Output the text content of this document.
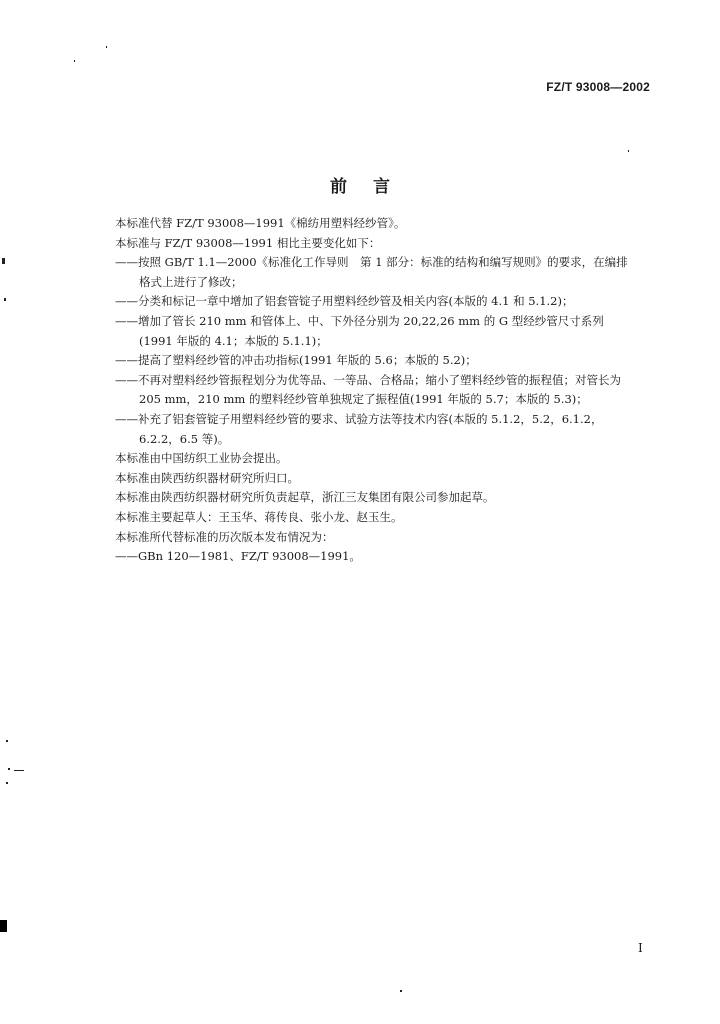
FZ/T 93008—2002
前言
本标准代替 FZ/T 93008—1991《棉纺用塑料经纱管》。
本标准与 FZ/T 93008—1991 相比主要变化如下：
——按照 GB/T 1.1—2000《标准化工作导则　第 1 部分：标准的结构和编写规则》的要求，在编排
格式上进行了修改；
——分类和标记一章中增加了铝套管锭子用塑料经纱管及相关内容(本版的 4.1 和 5.1.2)；
——增加了管长 210 mm 和管体上、中、下外径分别为 20,22,26 mm 的 G 型经纱管尺寸系列
(1991 年版的 4.1；本版的 5.1.1)；
——提高了塑料经纱管的冲击功指标(1991 年版的 5.6；本版的 5.2)；
——不再对塑料经纱管振程划分为优等品、一等品、合格品；缩小了塑料经纱管的振程值；对管长为
205 mm，210 mm 的塑料经纱管单独规定了振程值(1991 年版的 5.7；本版的 5.3)；
——补充了铝套管锭子用塑料经纱管的要求、试验方法等技术内容(本版的 5.1.2，5.2，6.1.2，
6.2.2，6.5 等)。
本标准由中国纺织工业协会提出。
本标准由陕西纺织器材研究所归口。
本标准由陕西纺织器材研究所负责起草，浙江三友集团有限公司参加起草。
本标准主要起草人：王玉华、蒋传良、张小龙、赵玉生。
本标准所代替标准的历次版本发布情况为：
——GBn 120—1981、FZ/T 93008—1991。
I
